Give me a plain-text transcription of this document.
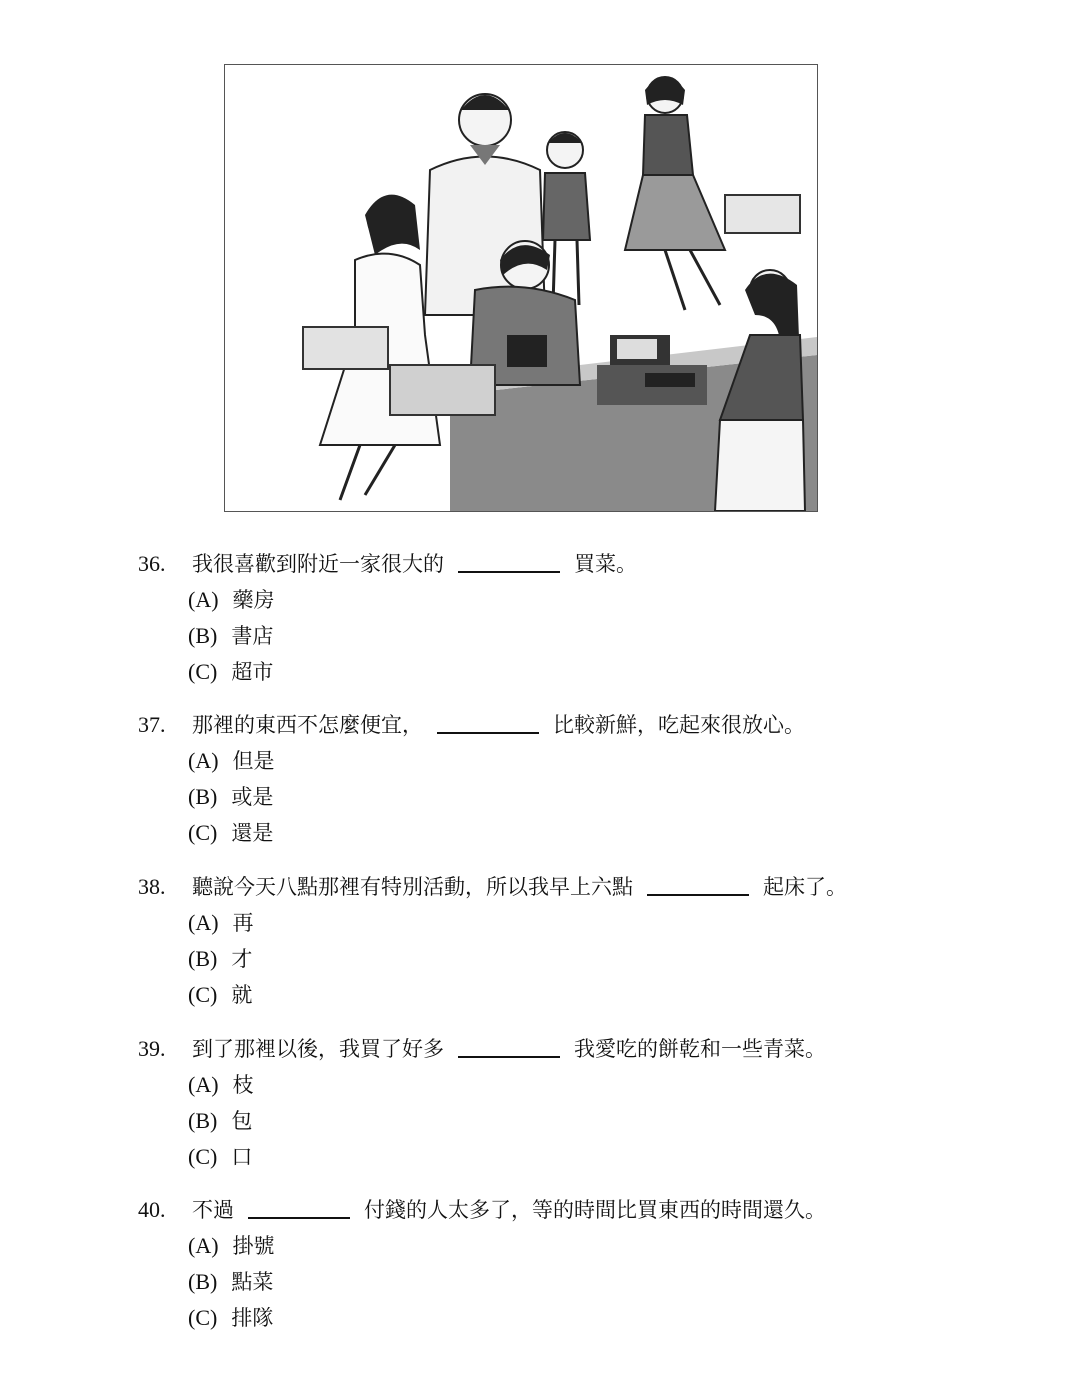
36. 我很喜歡到附近一家很大的	買菜。
(A) 藥房
(B) 書店
(C) 超市
37. 那裡的東西不怎麼便宜，	比較新鮮，吃起來很放心。
(A) 但是
(B) 或是
(C) 還是
38. 聽說今天八點那裡有特別活動，所以我早上六點	起床了。
(A) 再
(B) 才
(C) 就
39. 到了那裡以後，我買了好多	我愛吃的餅乾和一些青菜。
(A) 枝
(B) 包
(C) 口
40. 不過	付錢的人太多了，等的時間比買東西的時間還久。
(A) 掛號
(B) 點菜
(C) 排隊
